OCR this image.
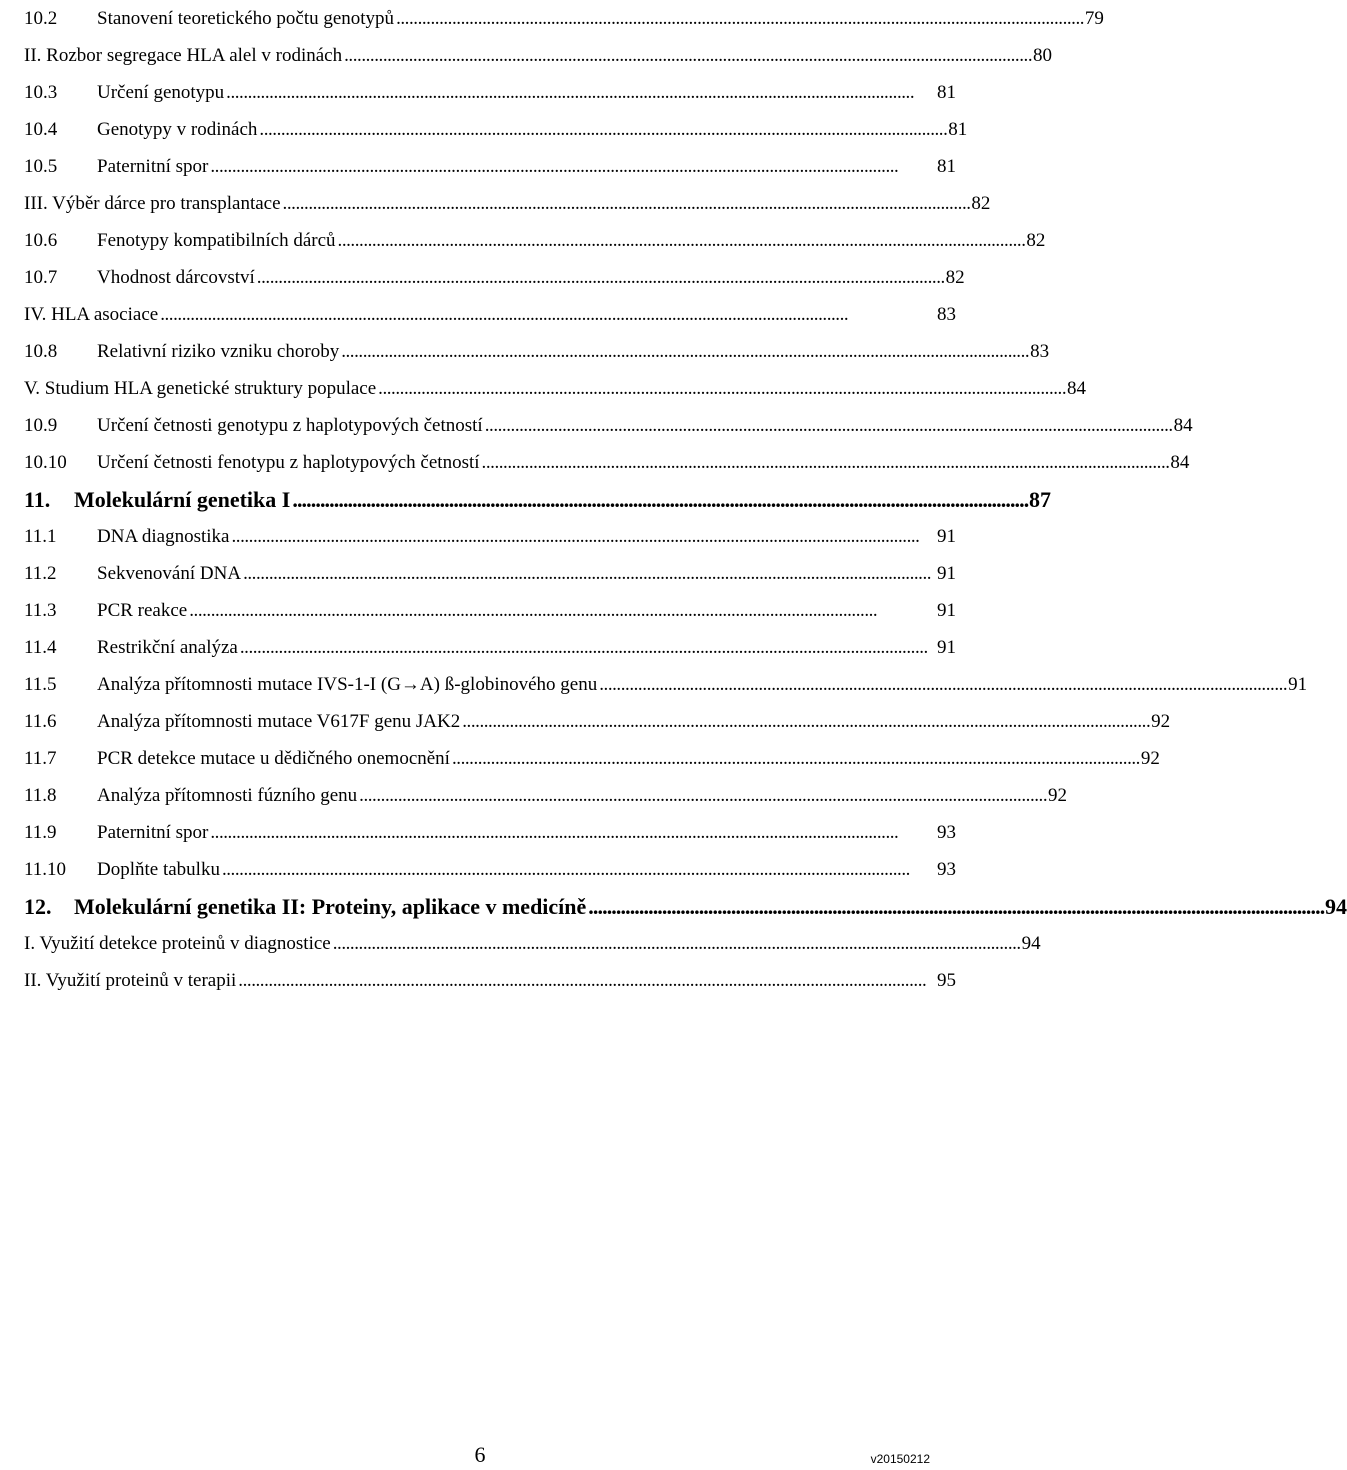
10.2	Stanovení teoretického počtu genotypů . . .	79
II. Rozbor segregace HLA alel v rodinách . . .	80
10.3	Určení genotypu . . .	81
10.4	Genotypy v rodinách . . .	81
10.5	Paternitní spor . . .	81
III. Výběr dárce pro transplantace . . .	82
10.6	Fenotypy kompatibilních dárců . . .	82
10.7	Vhodnost dárcovství . . .	82
IV. HLA asociace . . .	83
10.8	Relativní riziko vzniku choroby . . .	83
V. Studium HLA genetické struktury populace . . .	84
10.9	Určení četnosti genotypu z haplotypových četností . . .	84
10.10	Určení četnosti fenotypu z haplotypových četností . . .	84
11.	Molekulární genetika I . . .	87
11.1	DNA diagnostika . . .	91
11.2	Sekvenování DNA . . .	91
11.3	PCR reakce . . .	91
11.4	Restrikční analýza . . .	91
11.5	Analýza přítomnosti mutace IVS-1-I (G→A) ß-globinového genu . . .	91
11.6	Analýza přítomnosti mutace V617F genu JAK2 . . .	92
11.7	PCR detekce mutace u dědičného onemocnění . . .	92
11.8	Analýza přítomnosti fúzního genu . . .	92
11.9	Paternitní spor . . .	93
11.10	Doplňte tabulku . . .	93
12.	Molekulární genetika II: Proteiny, aplikace v medicíně . . .	94
I. Využití detekce proteinů v diagnostice . . .	94
II. Využití proteinů v terapii . . .	95
6	v20150212
